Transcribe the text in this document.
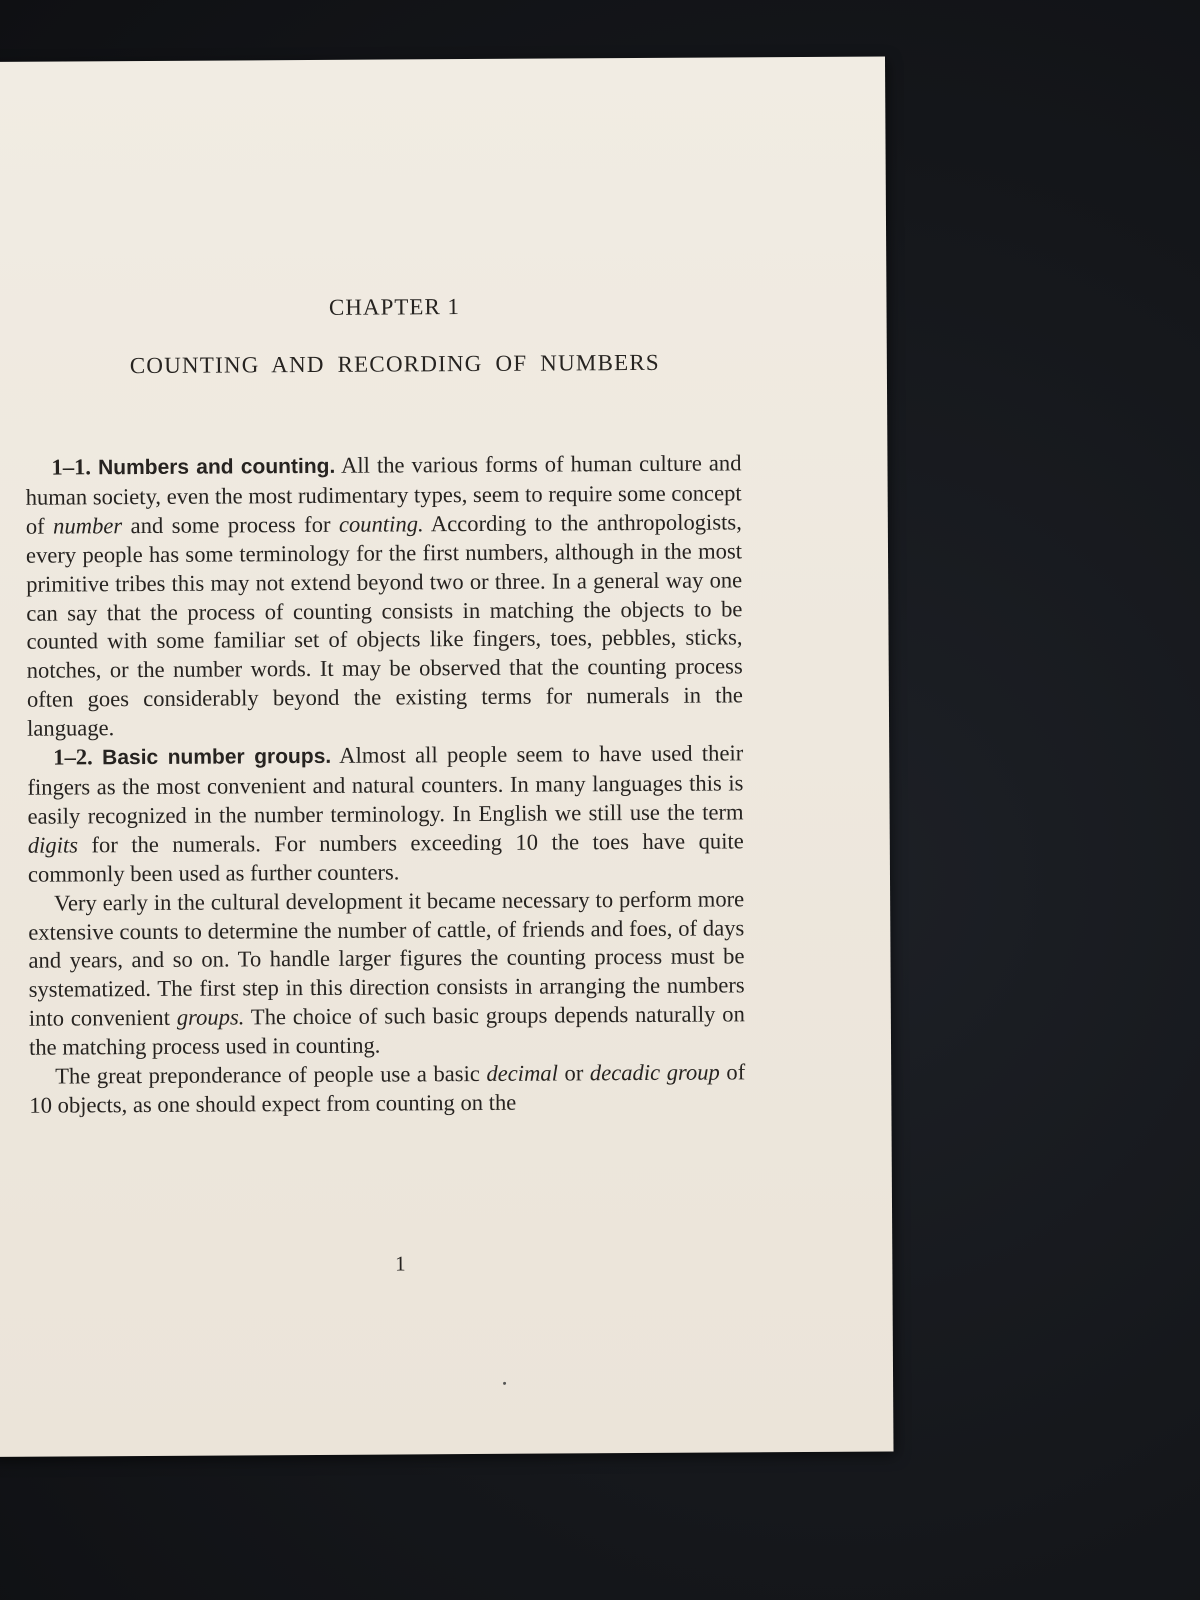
CHAPTER 1
COUNTING AND RECORDING OF NUMBERS

1–1. Numbers and counting. All the various forms of human culture and human society, even the most rudimentary types, seem to require some concept of number and some process for counting. According to the anthropologists, every people has some terminology for the first numbers, although in the most primitive tribes this may not extend beyond two or three. In a general way one can say that the process of counting consists in matching the objects to be counted with some familiar set of objects like fingers, toes, pebbles, sticks, notches, or the number words. It may be observed that the counting process often goes considerably beyond the existing terms for numerals in the language.

1–2. Basic number groups. Almost all people seem to have used their fingers as the most convenient and natural counters. In many languages this is easily recognized in the number terminology. In English we still use the term digits for the numerals. For numbers exceeding 10 the toes have quite commonly been used as further counters.

Very early in the cultural development it became necessary to perform more extensive counts to determine the number of cattle, of friends and foes, of days and years, and so on. To handle larger figures the counting process must be systematized. The first step in this direction consists in arranging the numbers into convenient groups. The choice of such basic groups depends naturally on the matching process used in counting.

The great preponderance of people use a basic decimal or decadic group of 10 objects, as one should expect from counting on the

1
